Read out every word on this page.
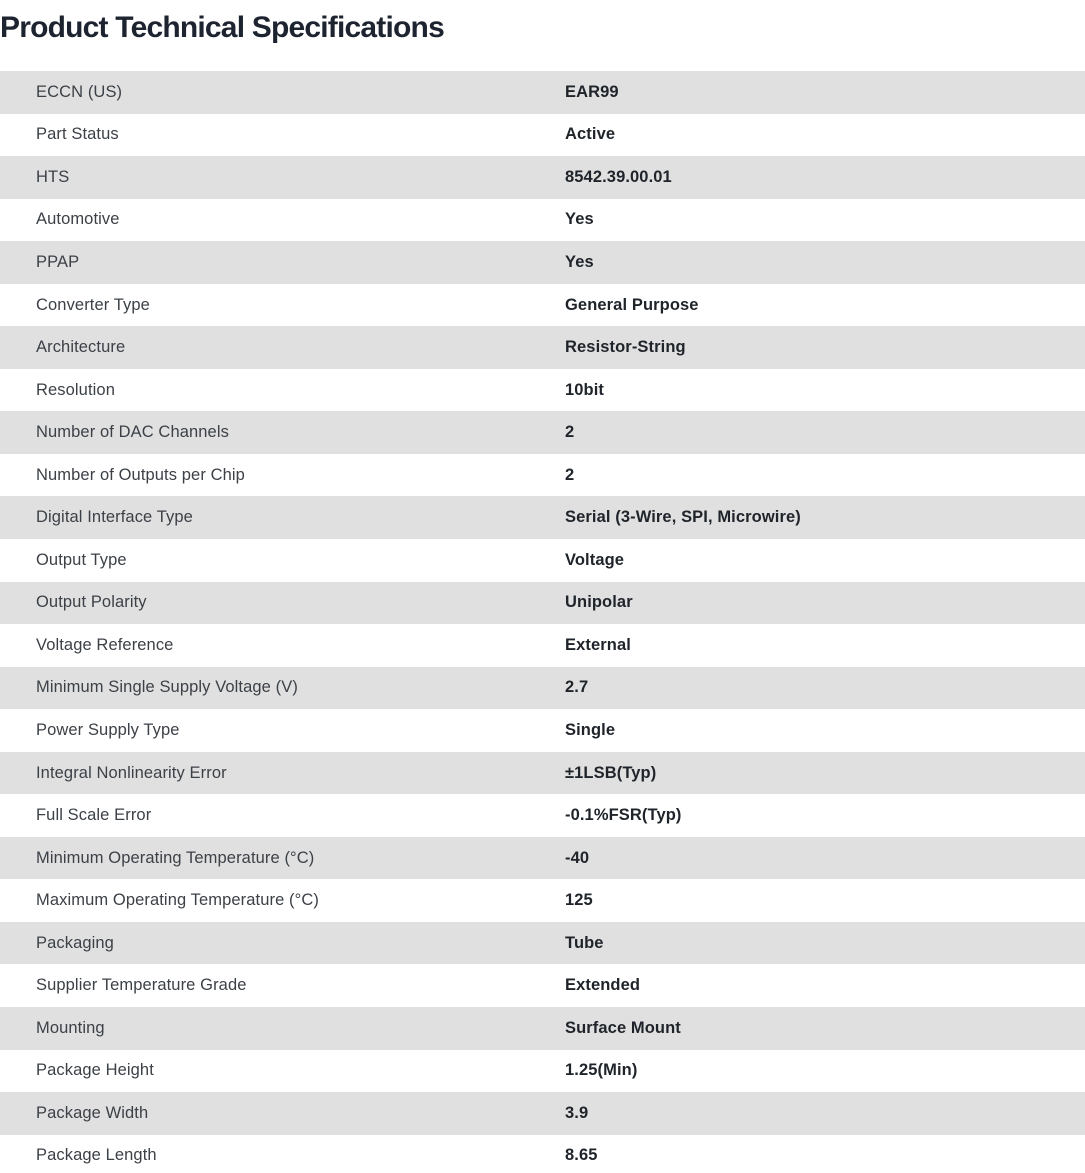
Product Technical Specifications
ECCN (US)	EAR99
Part Status	Active
HTS	8542.39.00.01
Automotive	Yes
PPAP	Yes
Converter Type	General Purpose
Architecture	Resistor-String
Resolution	10bit
Number of DAC Channels	2
Number of Outputs per Chip	2
Digital Interface Type	Serial (3-Wire, SPI, Microwire)
Output Type	Voltage
Output Polarity	Unipolar
Voltage Reference	External
Minimum Single Supply Voltage (V)	2.7
Power Supply Type	Single
Integral Nonlinearity Error	±1LSB(Typ)
Full Scale Error	-0.1%FSR(Typ)
Minimum Operating Temperature (°C)	-40
Maximum Operating Temperature (°C)	125
Packaging	Tube
Supplier Temperature Grade	Extended
Mounting	Surface Mount
Package Height	1.25(Min)
Package Width	3.9
Package Length	8.65
